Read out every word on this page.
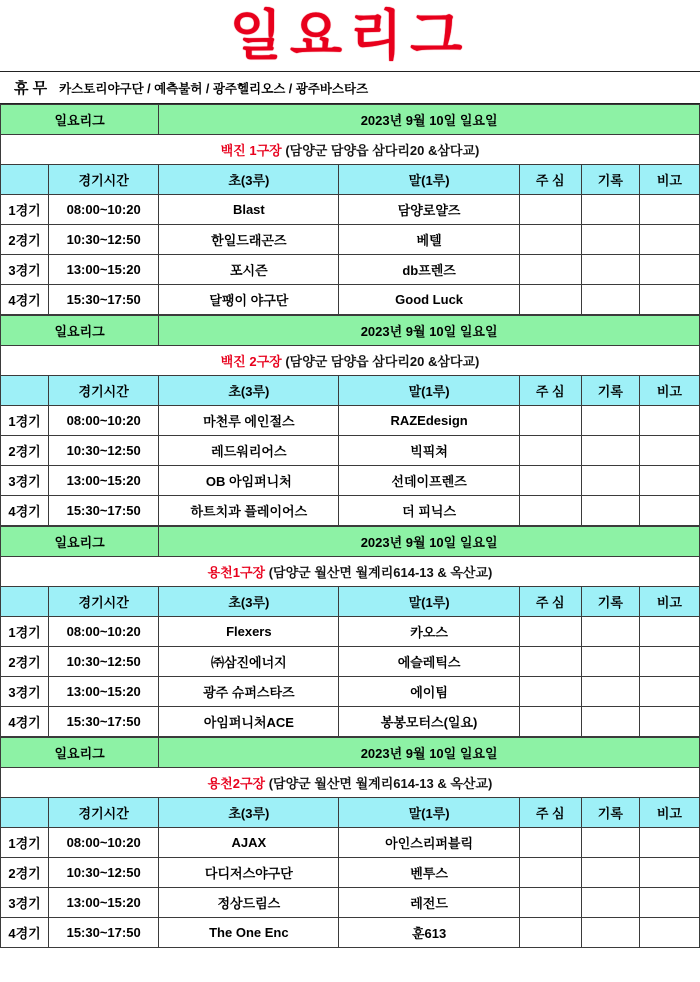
일요리그
휴 무 카스토리야구단 / 예측불허 / 광주헬리오스 / 광주바스타즈
일요리그		2023년 9월 10일 일요일				
백진 1구장 (담양군 담양읍 삼다리20 &삼다교)						
	경기시간	초(3루)	말(1루)	주 심	기록	비고
1경기	08:00~10:20	Blast	담양로얄즈			
2경기	10:30~12:50	한일드래곤즈	베텔			
3경기	13:00~15:20	포시즌	db프렌즈			
4경기	15:30~17:50	달팽이 야구단	Good Luck			
일요리그		2023년 9월 10일 일요일				
백진 2구장 (담양군 담양읍 삼다리20 &삼다교)						
	경기시간	초(3루)	말(1루)	주 심	기록	비고
1경기	08:00~10:20	마천루 에인절스	RAZEdesign			
2경기	10:30~12:50	레드워리어스	빅픽쳐			
3경기	13:00~15:20	OB 아임퍼니처	선데이프렌즈			
4경기	15:30~17:50	하트치과 플레이어스	더 피닉스			
일요리그		2023년 9월 10일 일요일				
용천1구장 (담양군 월산면 월계리614-13 & 옥산교)						
	경기시간	초(3루)	말(1루)	주 심	기록	비고
1경기	08:00~10:20	Flexers	카오스			
2경기	10:30~12:50	㈜삼진에너지	에슬레틱스			
3경기	13:00~15:20	광주 슈퍼스타즈	에이팀			
4경기	15:30~17:50	아임퍼니처ACE	봉봉모터스(일요)			
일요리그		2023년 9월 10일 일요일				
용천2구장 (담양군 월산면 월계리614-13 & 옥산교)						
	경기시간	초(3루)	말(1루)	주 심	기록	비고
1경기	08:00~10:20	AJAX	아인스리퍼블릭			
2경기	10:30~12:50	다디저스야구단	벤투스			
3경기	13:00~15:20	정상드림스	레전드			
4경기	15:30~17:50	The One Enc	훈613			
